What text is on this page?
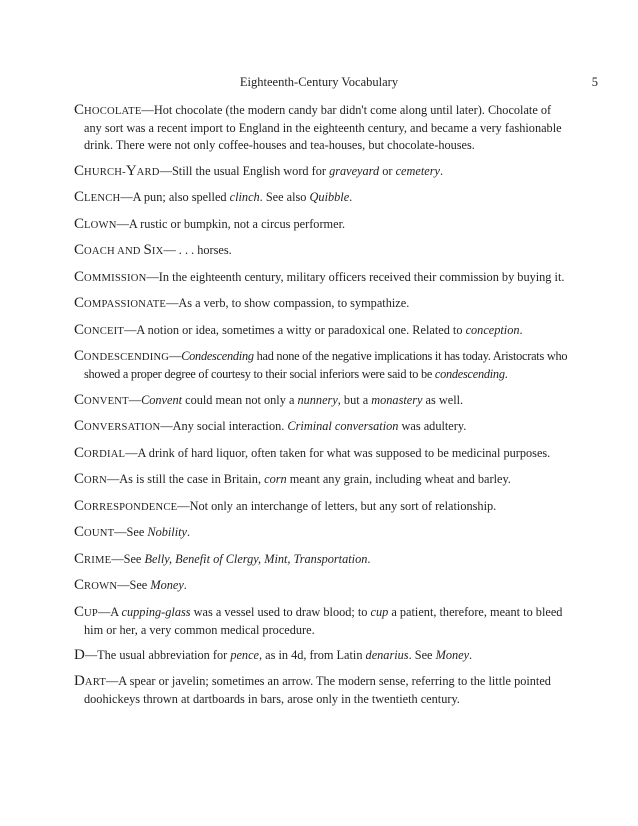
Eighteenth-Century Vocabulary	5

CHOCOLATE—Hot chocolate (the modern candy bar didn't come along until later). Chocolate of any sort was a recent import to England in the eighteenth century, and became a very fashionable drink. There were not only coffee-houses and tea-houses, but chocolate-houses.

CHURCH-YARD—Still the usual English word for graveyard or cemetery.

CLENCH—A pun; also spelled clinch. See also Quibble.

CLOWN—A rustic or bumpkin, not a circus performer.

COACH AND SIX— . . . horses.

COMMISSION—In the eighteenth century, military officers received their commission by buying it.

COMPASSIONATE—As a verb, to show compassion, to sympathize.

CONCEIT—A notion or idea, sometimes a witty or paradoxical one. Related to conception.

CONDESCENDING—Condescending had none of the negative implications it has today. Aristocrats who showed a proper degree of courtesy to their social inferiors were said to be condescending.

CONVENT—Convent could mean not only a nunnery, but a monastery as well.

CONVERSATION—Any social interaction. Criminal conversation was adultery.

CORDIAL—A drink of hard liquor, often taken for what was supposed to be medicinal purposes.

CORN—As is still the case in Britain, corn meant any grain, including wheat and barley.

CORRESPONDENCE—Not only an interchange of letters, but any sort of relationship.

COUNT—See Nobility.

CRIME—See Belly, Benefit of Clergy, Mint, Transportation.

CROWN—See Money.

CUP—A cupping-glass was a vessel used to draw blood; to cup a patient, therefore, meant to bleed him or her, a very common medical procedure.

D—The usual abbreviation for pence, as in 4d, from Latin denarius. See Money.

DART—A spear or javelin; sometimes an arrow. The modern sense, referring to the little pointed doohickeys thrown at dartboards in bars, arose only in the twentieth century.
